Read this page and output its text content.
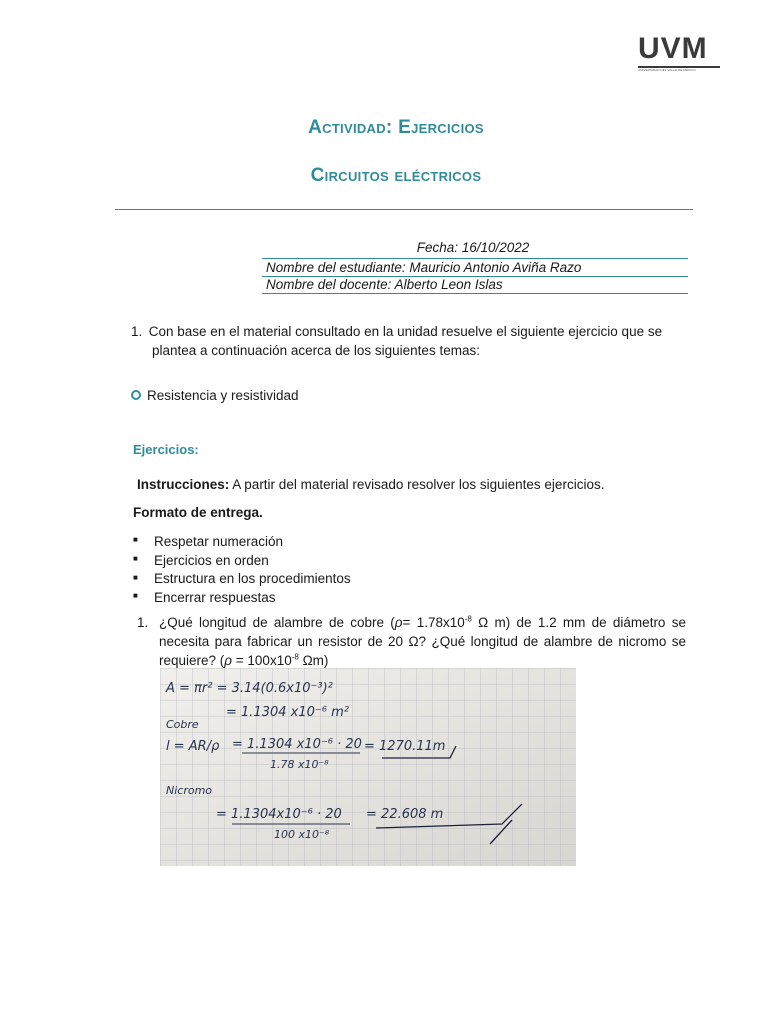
UVM
UNIVERSIDAD DEL VALLE DE MÉXICO
Actividad: Ejercicios
Circuitos eléctricos
Fecha: 16/10/2022
Nombre del estudiante: Mauricio Antonio Aviña Razo
Nombre del docente: Alberto Leon Islas
1. Con base en el material consultado en la unidad resuelve el siguiente ejercicio que se
plantea a continuación acerca de los siguientes temas:
Resistencia y resistividad
Ejercicios:
Instrucciones: A partir del material revisado resolver los siguientes ejercicios.
Formato de entrega.
■ Respetar numeración
■ Ejercicios en orden
■ Estructura en los procedimientos
■ Encerrar respuestas
1. ¿Qué longitud de alambre de cobre ($\rho= 1.78x10^{-8}$ Ω m) de 1.2 mm de diámetro se necesita para fabricar un resistor de 20 Ω? ¿Qué longitud de alambre de nicromo se requiere? ($\rho = 100x10^{-8}$ Ωm)
A = πr² = 3.14(0.6x10⁻³)²
= 1.1304 x10⁻⁶ m²
Cobre
l = AR/ρ = 1.1304 x10⁻⁶ · 20
1.78 x10⁻⁸
= 1270.11m
Nicromo
= 1.1304x10⁻⁶ · 20
100 x10⁻⁸
= 22.608 m
